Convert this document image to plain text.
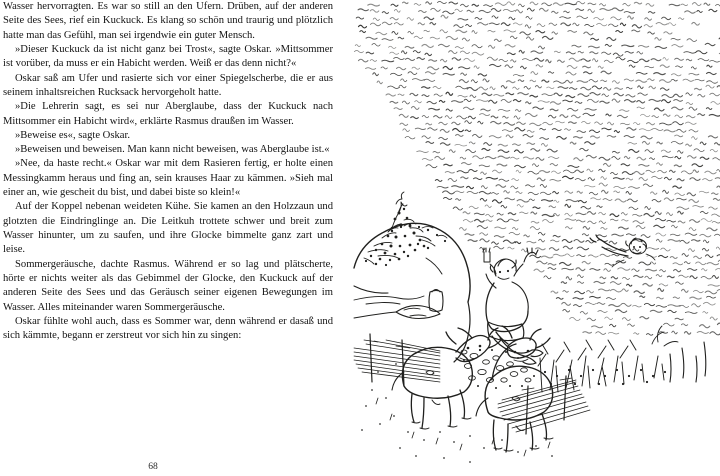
Wasser hervorragten. Es war so still an den Ufern. Drüben, auf der anderen Seite des Sees, rief ein Kuckuck. Es klang so schön und traurig und plötzlich hatte man das Gefühl, man sei irgendwie ein guter Mensch.

»Dieser Kuckuck da ist nicht ganz bei Trost«, sagte Oskar. »Mittsommer ist vorüber, da muss er ein Habicht werden. Weiß er das denn nicht?«

Oskar saß am Ufer und rasierte sich vor einer Spiegelscherbe, die er aus seinem inhaltsreichen Rucksack hervorgeholt hatte.

»Die Lehrerin sagt, es sei nur Aberglaube, dass der Kuckuck nach Mittsommer ein Habicht wird«, erklärte Rasmus draußen im Wasser.

»Beweise es«, sagte Oskar.

»Beweisen und beweisen. Man kann nicht beweisen, was Aberglaube ist.«

»Nee, da haste recht.« Oskar war mit dem Rasieren fertig, er holte einen Messingkamm heraus und fing an, sein krauses Haar zu kämmen. »Sieh mal einer an, wie gescheit du bist, und dabei biste so klein!«

Auf der Koppel nebenan weideten Kühe. Sie kamen an den Holzzaun und glotzten die Eindringlinge an. Die Leitkuh trottete schwer und breit zum Wasser hinunter, um zu saufen, und ihre Glocke bimmelte ganz zart und leise.

Sommergeräusche, dachte Rasmus. Während er so lag und plätscherte, hörte er nichts weiter als das Gebimmel der Glocke, den Kuckuck auf der anderen Seite des Sees und das Geräusch seiner eigenen Bewegungen im Wasser. Alles miteinander waren Sommergeräusche.

Oskar fühlte wohl auch, dass es Sommer war, denn während er dasaß und sich kämmte, begann er zerstreut vor sich hin zu singen:

68
